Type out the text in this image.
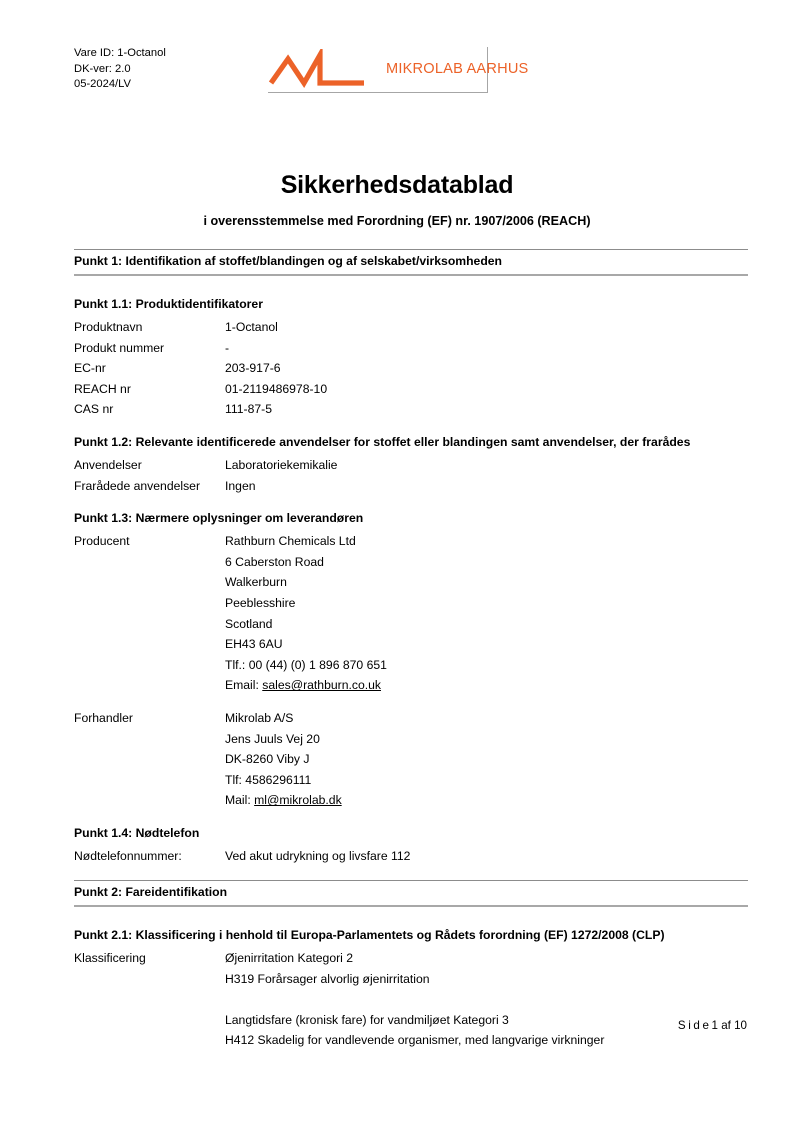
Vare ID: 1-Octanol
DK-ver: 2.0
05-2024/LV
MIKROLAB AARHUS
Sikkerhedsdatablad
i overensstemmelse med Forordning (EF) nr. 1907/2006 (REACH)
Punkt 1: Identifikation af stoffet/blandingen og af selskabet/virksomheden
Punkt 1.1: Produktidentifikatorer
Produktnavn	1-Octanol
Produkt nummer	-
EC-nr	203-917-6
REACH nr	01-2119486978-10
CAS nr	111-87-5
Punkt 1.2: Relevante identificerede anvendelser for stoffet eller blandingen samt anvendelser, der frarådes
Anvendelser	Laboratoriekemikalie
Frarådede anvendelser	Ingen
Punkt 1.3: Nærmere oplysninger om leverandøren
Producent	Rathburn Chemicals Ltd
6 Caberston Road
Walkerburn
Peeblesshire
Scotland
EH43 6AU
Tlf.: 00 (44) (0) 1 896 870 651
Email: sales@rathburn.co.uk
Forhandler	Mikrolab A/S
Jens Juuls Vej 20
DK-8260 Viby J
Tlf: 4586296111
Mail: ml@mikrolab.dk
Punkt 1.4: Nødtelefon
Nødtelefonnummer:	Ved akut udrykning og livsfare 112
Punkt 2: Fareidentifikation
Punkt 2.1: Klassificering i henhold til Europa-Parlamentets og Rådets forordning (EF) 1272/2008 (CLP)
Klassificering	Øjenirritation Kategori 2
H319 Forårsager alvorlig øjenirritation
Langtidsfare (kronisk fare) for vandmiljøet Kategori 3
H412 Skadelig for vandlevende organismer, med langvarige virkninger
Side1 af 10
